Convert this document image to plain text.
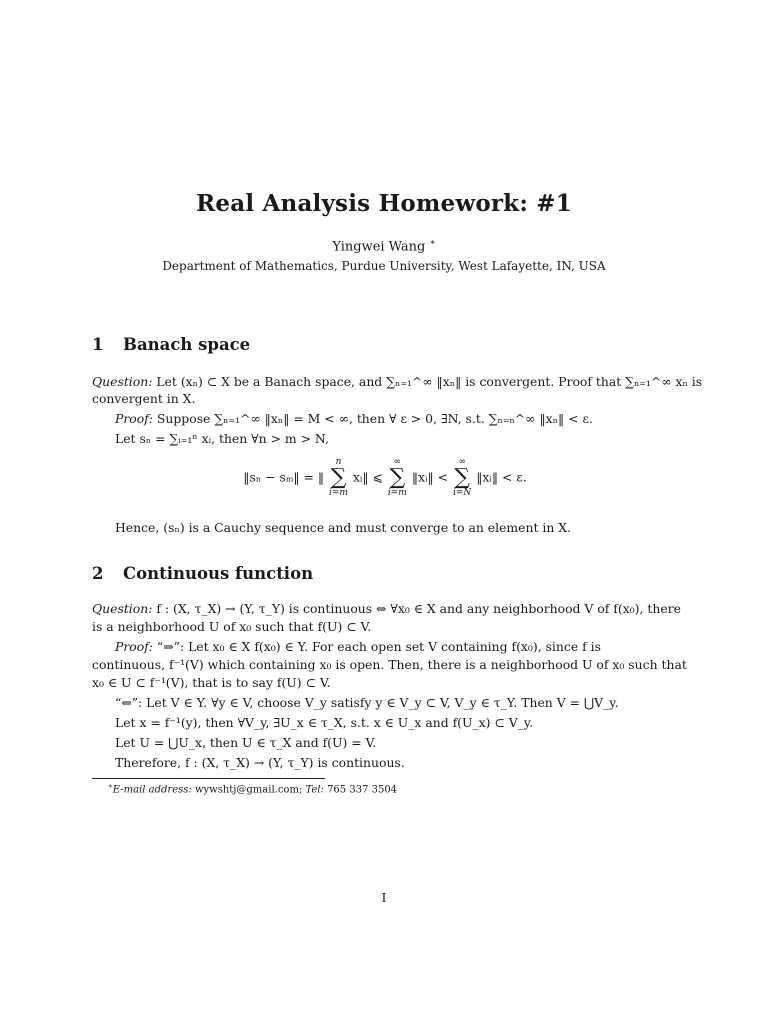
Real Analysis Homework: #1
Yingwei Wang ∗
Department of Mathematics, Purdue University, West Lafayette, IN, USA
1 Banach space
Question: Let (xₙ) ⊂ X be a Banach space, and ∑ₙ₌₁^∞ ‖xₙ‖ is convergent. Proof that ∑ₙ₌₁^∞ xₙ is
convergent in X.
Proof: Suppose ∑ₙ₌₁^∞ ‖xₙ‖ = M < ∞, then ∀ ε > 0, ∃N, s.t. ∑ₙ₌ₙ^∞ ‖xₙ‖ < ε.
Let sₙ = ∑ᵢ₌₁ⁿ xᵢ, then ∀n > m > N,
‖sₙ − sₘ‖ = ‖
n
∑
i=m
xᵢ‖ ⩽
∞
∑
i=m
‖xᵢ‖ <
∞
∑
i=N
‖xᵢ‖ < ε.
Hence, (sₙ) is a Cauchy sequence and must converge to an element in X.
2 Continuous function
Question: f : (X, τ_X) → (Y, τ_Y) is continuous ⇔ ∀x₀ ∈ X and any neighborhood V of f(x₀), there
is a neighborhood U of x₀ such that f(U) ⊂ V.
Proof: “⇒”: Let x₀ ∈ X f(x₀) ∈ Y. For each open set V containing f(x₀), since f is
continuous, f⁻¹(V) which containing x₀ is open. Then, there is a neighborhood U of x₀ such that
x₀ ∈ U ⊂ f⁻¹(V), that is to say f(U) ⊂ V.
“⇐”: Let V ∈ Y. ∀y ∈ V, choose V_y satisfy y ∈ V_y ⊂ V, V_y ∈ τ_Y. Then V = ⋃V_y.
Let x = f⁻¹(y), then ∀V_y, ∃U_x ∈ τ_X, s.t. x ∈ U_x and f(U_x) ⊂ V_y.
Let U = ⋃U_x, then U ∈ τ_X and f(U) = V.
Therefore, f : (X, τ_X) → (Y, τ_Y) is continuous.
∗E-mail address: wywshtj@gmail.com; Tel: 765 337 3504
I
